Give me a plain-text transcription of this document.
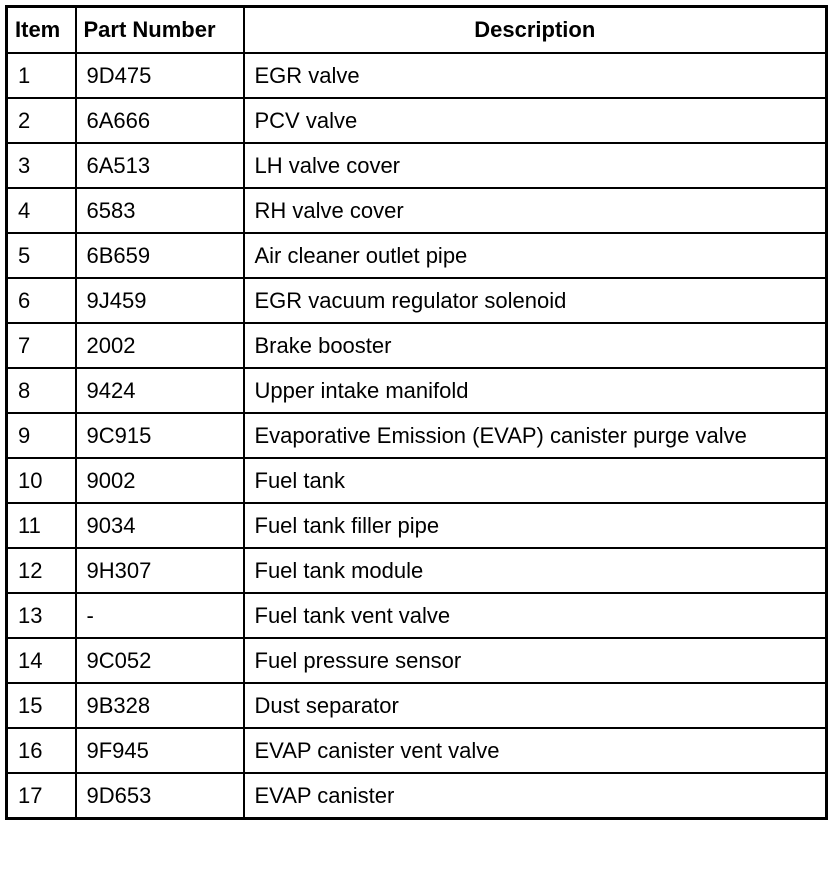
Item	Part Number	Description
1	9D475	EGR valve
2	6A666	PCV valve
3	6A513	LH valve cover
4	6583	RH valve cover
5	6B659	Air cleaner outlet pipe
6	9J459	EGR vacuum regulator solenoid
7	2002	Brake booster
8	9424	Upper intake manifold
9	9C915	Evaporative Emission (EVAP) canister purge valve
10	9002	Fuel tank
11	9034	Fuel tank filler pipe
12	9H307	Fuel tank module
13	-	Fuel tank vent valve
14	9C052	Fuel pressure sensor
15	9B328	Dust separator
16	9F945	EVAP canister vent valve
17	9D653	EVAP canister
